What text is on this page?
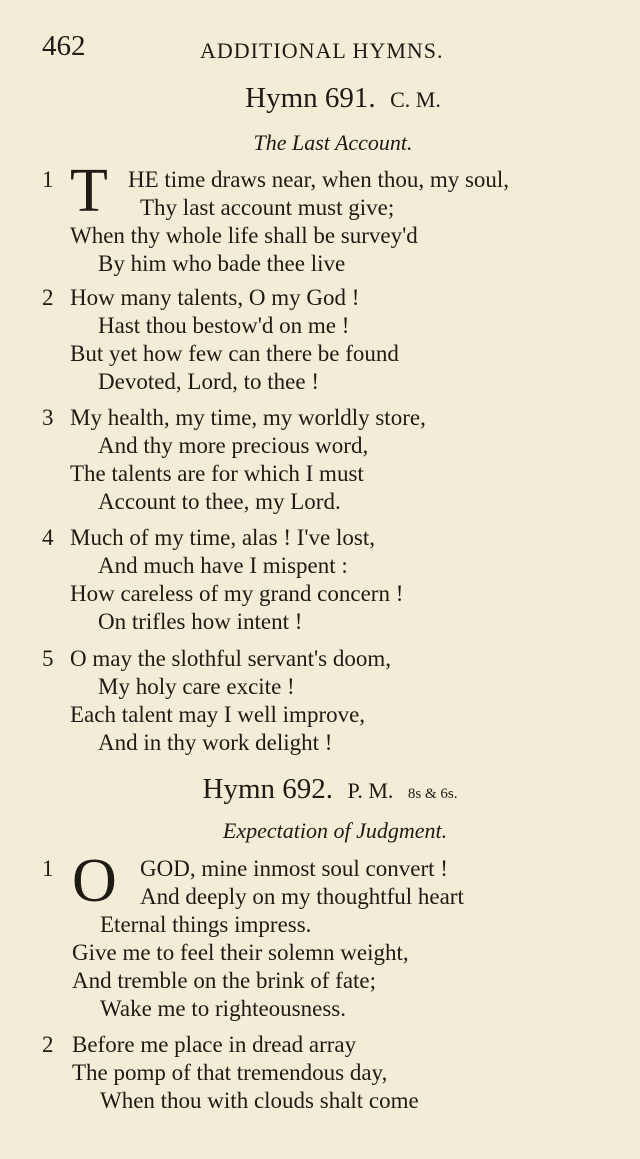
462	ADDITIONAL HYMNS.
Hymn 691. C. M.
The Last Account.
1 T HE time draws near, when thou, my soul,
Thy last account must give;
When thy whole life shall be survey'd
By him who bade thee live
2 How many talents, O my God !
Hast thou bestow'd on me !
But yet how few can there be found
Devoted, Lord, to thee !
3 My health, my time, my worldly store,
And thy more precious word,
The talents are for which I must
Account to thee, my Lord.
4 Much of my time, alas ! I've lost,
And much have I mispent :
How careless of my grand concern !
On trifles how intent !
5 O may the slothful servant's doom,
My holy care excite !
Each talent may I well improve,
And in thy work delight !
Hymn 692. P. M. 8s & 6s.
Expectation of Judgment.
1 O GOD, mine inmost soul convert !
And deeply on my thoughtful heart
Eternal things impress.
Give me to feel their solemn weight,
And tremble on the brink of fate;
Wake me to righteousness.
2 Before me place in dread array
The pomp of that tremendous day,
When thou with clouds shalt come
